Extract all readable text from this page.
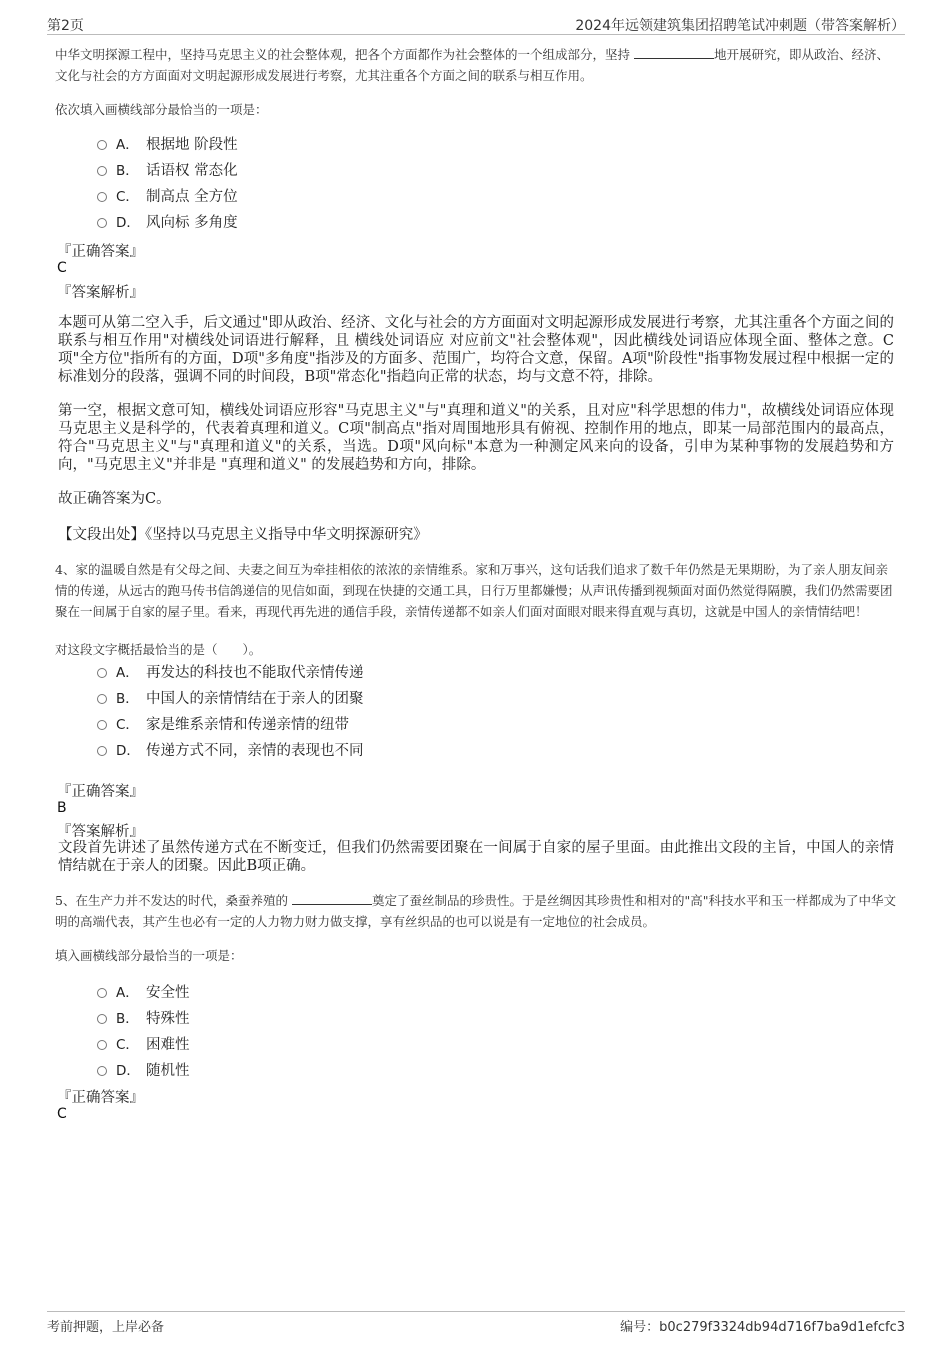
第2页	2024年远领建筑集团招聘笔试冲刺题（带答案解析）
中华文明探源工程中，坚持马克思主义的社会整体观，把各个方面都作为社会整体的一个组成部分，坚持	地开展研究，即从政治、经济、文化与社会的方方面面对文明起源形成发展进行考察，尤其注重各个方面之间的联系与相互作用。
依次填入画横线部分最恰当的一项是：
A． 根据地 阶段性
B． 话语权 常态化
C． 制高点 全方位
D． 风向标 多角度
『正确答案』
C
『答案解析』
本题可从第二空入手，后文通过"即从政治、经济、文化与社会的方方面面对文明起源形成发展进行考察，尤其注重各个方面之间的联系与相互作用"对横线处词语进行解释，且 横线处词语应 对应前文"社会整体观"，因此横线处词语应体现全面、整体之意。C项"全方位"指所有的方面，D项"多角度"指涉及的方面多、范围广，均符合文意，保留。A项"阶段性"指事物发展过程中根据一定的标准划分的段落，强调不同的时间段，B项"常态化"指趋向正常的状态，均与文意不符，排除。
第一空，根据文意可知，横线处词语应形容"马克思主义"与"真理和道义"的关系，且对应"科学思想的伟力"，故横线处词语应体现马克思主义是科学的，代表着真理和道义。C项"制高点"指对周围地形具有俯视、控制作用的地点，即某一局部范围内的最高点，符合"马克思主义"与"真理和道义"的关系，当选。D项"风向标"本意为一种测定风来向的设备，引申为某种事物的发展趋势和方向，"马克思主义"并非是 "真理和道义" 的发展趋势和方向，排除。
故正确答案为C。
【文段出处】《坚持以马克思主义指导中华文明探源研究》
4、家的温暖自然是有父母之间、夫妻之间互为牵挂相依的浓浓的亲情维系。家和万事兴，这句话我们追求了数千年仍然是无果期盼，为了亲人朋友间亲情的传递，从远古的跑马传书信鸽递信的见信如面，到现在快捷的交通工具，日行万里都嫌慢；从声讯传播到视频面对面仍然觉得隔膜，我们仍然需要团聚在一间属于自家的屋子里。看来，再现代再先进的通信手段，亲情传递都不如亲人们面对面眼对眼来得直观与真切，这就是中国人的亲情情结吧！
对这段文字概括最恰当的是（　　）。
A． 再发达的科技也不能取代亲情传递
B． 中国人的亲情情结在于亲人的团聚
C． 家是维系亲情和传递亲情的纽带
D． 传递方式不同，亲情的表现也不同
『正确答案』
B
『答案解析』
文段首先讲述了虽然传递方式在不断变迁，但我们仍然需要团聚在一间属于自家的屋子里面。由此推出文段的主旨，中国人的亲情情结就在于亲人的团聚。因此B项正确。
5、在生产力并不发达的时代，桑蚕养殖的	奠定了蚕丝制品的珍贵性。于是丝绸因其珍贵性和相对的"高"科技水平和玉一样都成为了中华文明的高端代表，其产生也必有一定的人力物力财力做支撑，享有丝织品的也可以说是有一定地位的社会成员。
填入画横线部分最恰当的一项是：
A． 安全性
B． 特殊性
C． 困难性
D． 随机性
『正确答案』
C
考前押题，上岸必备	编号：b0c279f3324db94d716f7ba9d1efcfc3
